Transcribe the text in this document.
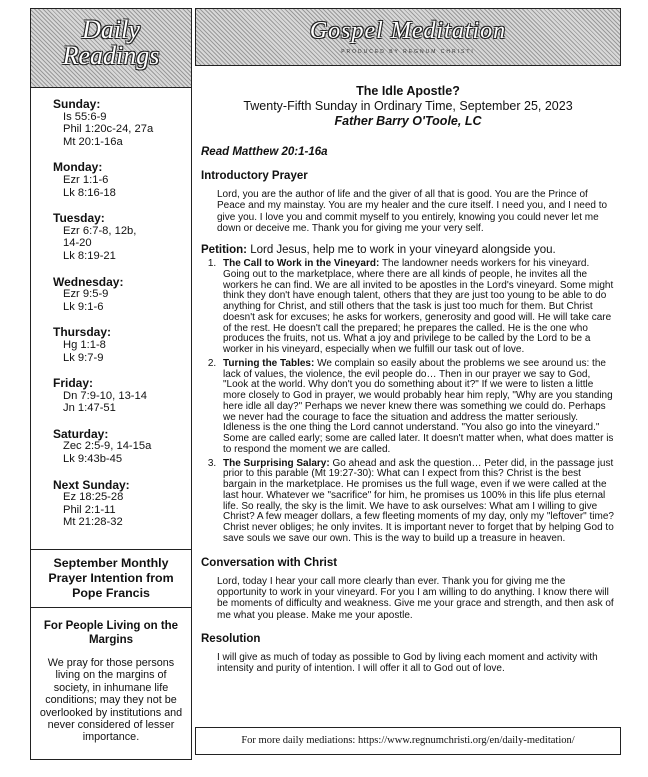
Daily
Readings
Sunday:
Is 55:6-9
Phil 1:20c-24, 27a
Mt 20:1-16a
Monday:
Ezr 1:1-6
Lk 8:16-18
Tuesday:
Ezr 6:7-8, 12b,
14-20
Lk 8:19-21
Wednesday:
Ezr 9:5-9
Lk 9:1-6
Thursday:
Hg 1:1-8
Lk 9:7-9
Friday:
Dn 7:9-10, 13-14
Jn 1:47-51
Saturday:
Zec 2:5-9, 14-15a
Lk 9:43b-45
Next Sunday:
Ez 18:25-28
Phil 2:1-11
Mt 21:28-32
September Monthly Prayer Intention from Pope Francis
For People Living on the Margins
We pray for those persons living on the margins of society, in inhumane life conditions; may they not be overlooked by institutions and never considered of lesser importance.
Gospel Meditation
PRODUCED BY REGNUM CHRISTI
The Idle Apostle?
Twenty-Fifth Sunday in Ordinary Time, September 25, 2023
Father Barry O'Toole, LC
Read Matthew 20:1-16a
Introductory Prayer
Lord, you are the author of life and the giver of all that is good. You are the Prince of Peace and my mainstay. You are my healer and the cure itself. I need you, and I need to give you. I love you and commit myself to you entirely, knowing you could never let me down or deceive me. Thank you for giving me your very self.
Petition: Lord Jesus, help me to work in your vineyard alongside you.
1. The Call to Work in the Vineyard: The landowner needs workers for his vineyard. Going out to the marketplace, where there are all kinds of people, he invites all the workers he can find. We are all invited to be apostles in the Lord's vineyard. Some might think they don't have enough talent, others that they are just too young to be able to do anything for Christ, and still others that the task is just too much for them. But Christ doesn't ask for excuses; he asks for workers, generosity and good will. He will take care of the rest. He doesn't call the prepared; he prepares the called. He is the one who produces the fruits, not us. What a joy and privilege to be called by the Lord to be a worker in his vineyard, especially when we fulfill our task out of love.
2. Turning the Tables: We complain so easily about the problems we see around us: the lack of values, the violence, the evil people do… Then in our prayer we say to God, "Look at the world. Why don't you do something about it?" If we were to listen a little more closely to God in prayer, we would probably hear him reply, "Why are you standing here idle all day?" Perhaps we never knew there was something we could do. Perhaps we never had the courage to face the situation and address the matter seriously. Idleness is the one thing the Lord cannot understand. "You also go into the vineyard." Some are called early; some are called later. It doesn't matter when, what does matter is to respond the moment we are called.
3. The Surprising Salary: Go ahead and ask the question… Peter did, in the passage just prior to this parable (Mt 19:27-30): What can I expect from this? Christ is the best bargain in the marketplace. He promises us the full wage, even if we were called at the last hour. Whatever we "sacrifice" for him, he promises us 100% in this life plus eternal life. So really, the sky is the limit. We have to ask ourselves: What am I willing to give Christ? A few meager dollars, a few fleeting moments of my day, only my "leftover" time? Christ never obliges; he only invites. It is important never to forget that by helping God to save souls we save our own. This is the way to build up a treasure in heaven.
Conversation with Christ
Lord, today I hear your call more clearly than ever. Thank you for giving me the opportunity to work in your vineyard. For you I am willing to do anything. I know there will be moments of difficulty and weakness. Give me your grace and strength, and then ask of me what you please. Make me your apostle.
Resolution
I will give as much of today as possible to God by living each moment and activity with intensity and purity of intention. I will offer it all to God out of love.
For more daily mediations: https://www.regnumchristi.org/en/daily-meditation/
